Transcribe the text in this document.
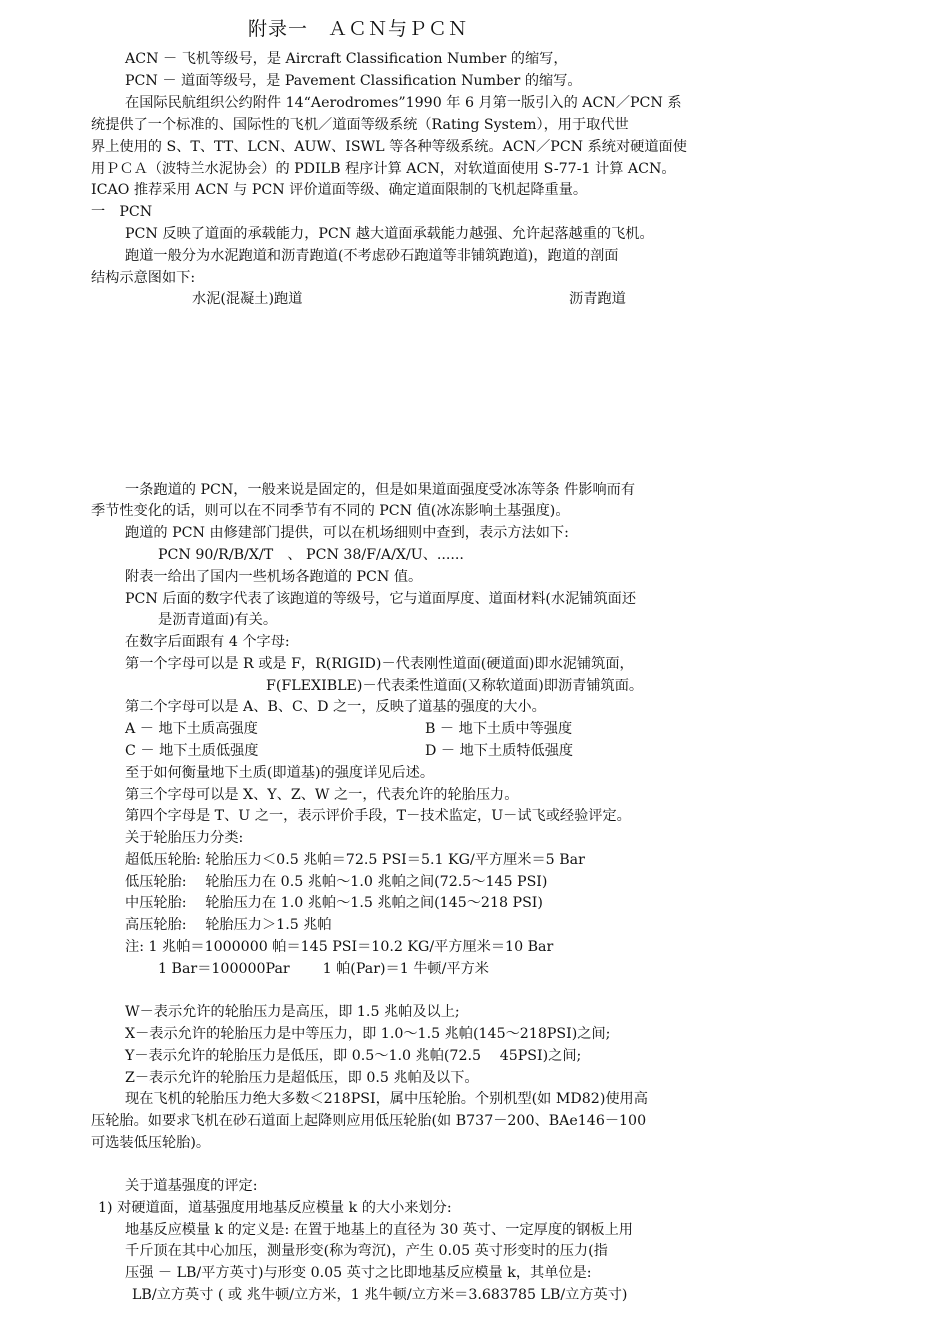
附录一　ＡＣＮ与ＰＣＮ
ACN － 飞机等级号，是 Aircraft Classification Number 的缩写，
PCN － 道面等级号，是 Pavement Classification Number 的缩写。
在国际民航组织公约附件 14“Aerodromes”1990 年 6 月第一版引入的 ACN／PCN 系
统提供了一个标准的、国际性的飞机／道面等级系统（Rating System），用于取代世
界上使用的 S、T、TT、LCN、AUW、ISWL 等各种等级系统。ACN／PCN 系统对硬道面使
用ＰＣＡ（波特兰水泥协会）的 PDILB 程序计算 ACN，对软道面使用 S-77-1 计算 ACN。
ICAO 推荐采用 ACN 与 PCN 评价道面等级、确定道面限制的飞机起降重量。
一　PCN
PCN 反映了道面的承载能力，PCN 越大道面承载能力越强、允许起落越重的飞机。
跑道一般分为水泥跑道和沥青跑道(不考虑砂石跑道等非铺筑跑道)，跑道的剖面
结构示意图如下:
水泥(混凝土)跑道	沥青跑道
一条跑道的 PCN，一般来说是固定的，但是如果道面强度受冰冻等条 件影响而有
季节性变化的话，则可以在不同季节有不同的 PCN 值(冰冻影响土基强度)。
跑道的 PCN 由修建部门提供，可以在机场细则中查到，表示方法如下:
PCN 90/R/B/X/T　、 PCN 38/F/A/X/U、......
附表一给出了国内一些机场各跑道的 PCN 值。
PCN 后面的数字代表了该跑道的等级号，它与道面厚度、道面材料(水泥铺筑面还
是沥青道面)有关。
在数字后面跟有 4 个字母:
第一个字母可以是 R 或是 F，R(RIGID)－代表刚性道面(硬道面)即水泥铺筑面，
F(FLEXIBLE)－代表柔性道面(又称软道面)即沥青铺筑面。
第二个字母可以是 A、B、C、D 之一，反映了道基的强度的大小。
A － 地下土质高强度	B － 地下土质中等强度
C － 地下土质低强度	D － 地下土质特低强度
至于如何衡量地下土质(即道基)的强度详见后述。
第三个字母可以是 X、Y、Z、W 之一，代表允许的轮胎压力。
第四个字母是 T、U 之一，表示评价手段，T－技术监定，U－试飞或经验评定。
关于轮胎压力分类:
超低压轮胎: 轮胎压力＜0.5 兆帕＝72.5 PSI＝5.1 KG/平方厘米＝5 Bar
低压轮胎:　 轮胎压力在 0.5 兆帕～1.0 兆帕之间(72.5～145 PSI)
中压轮胎:　 轮胎压力在 1.0 兆帕～1.5 兆帕之间(145～218 PSI)
高压轮胎:　 轮胎压力＞1.5 兆帕
注: 1 兆帕＝1000000 帕＝145 PSI＝10.2 KG/平方厘米＝10 Bar
1 Bar＝100000Par　　 1 帕(Par)＝1 牛顿/平方米
W－表示允许的轮胎压力是高压，即 1.5 兆帕及以上;
X－表示允许的轮胎压力是中等压力，即 1.0～1.5 兆帕(145～218PSI)之间;
Y－表示允许的轮胎压力是低压，即 0.5～1.0 兆帕(72.5　 45PSI)之间;
Z－表示允许的轮胎压力是超低压，即 0.5 兆帕及以下。
现在飞机的轮胎压力绝大多数＜218PSI，属中压轮胎。个别机型(如 MD82)使用高
压轮胎。如要求飞机在砂石道面上起降则应用低压轮胎(如 B737－200、BAe146－100
可选装低压轮胎)。
关于道基强度的评定:
1) 对硬道面，道基强度用地基反应模量 k 的大小来划分:
地基反应模量 k 的定义是: 在置于地基上的直径为 30 英寸、一定厚度的钢板上用
千斤顶在其中心加压，测量形变(称为弯沉)，产生 0.05 英寸形变时的压力(指
压强 － LB/平方英寸)与形变 0.05 英寸之比即地基反应模量 k，其单位是:
LB/立方英寸 ( 或 兆牛顿/立方米，1 兆牛顿/立方米＝3.683785 LB/立方英寸)
